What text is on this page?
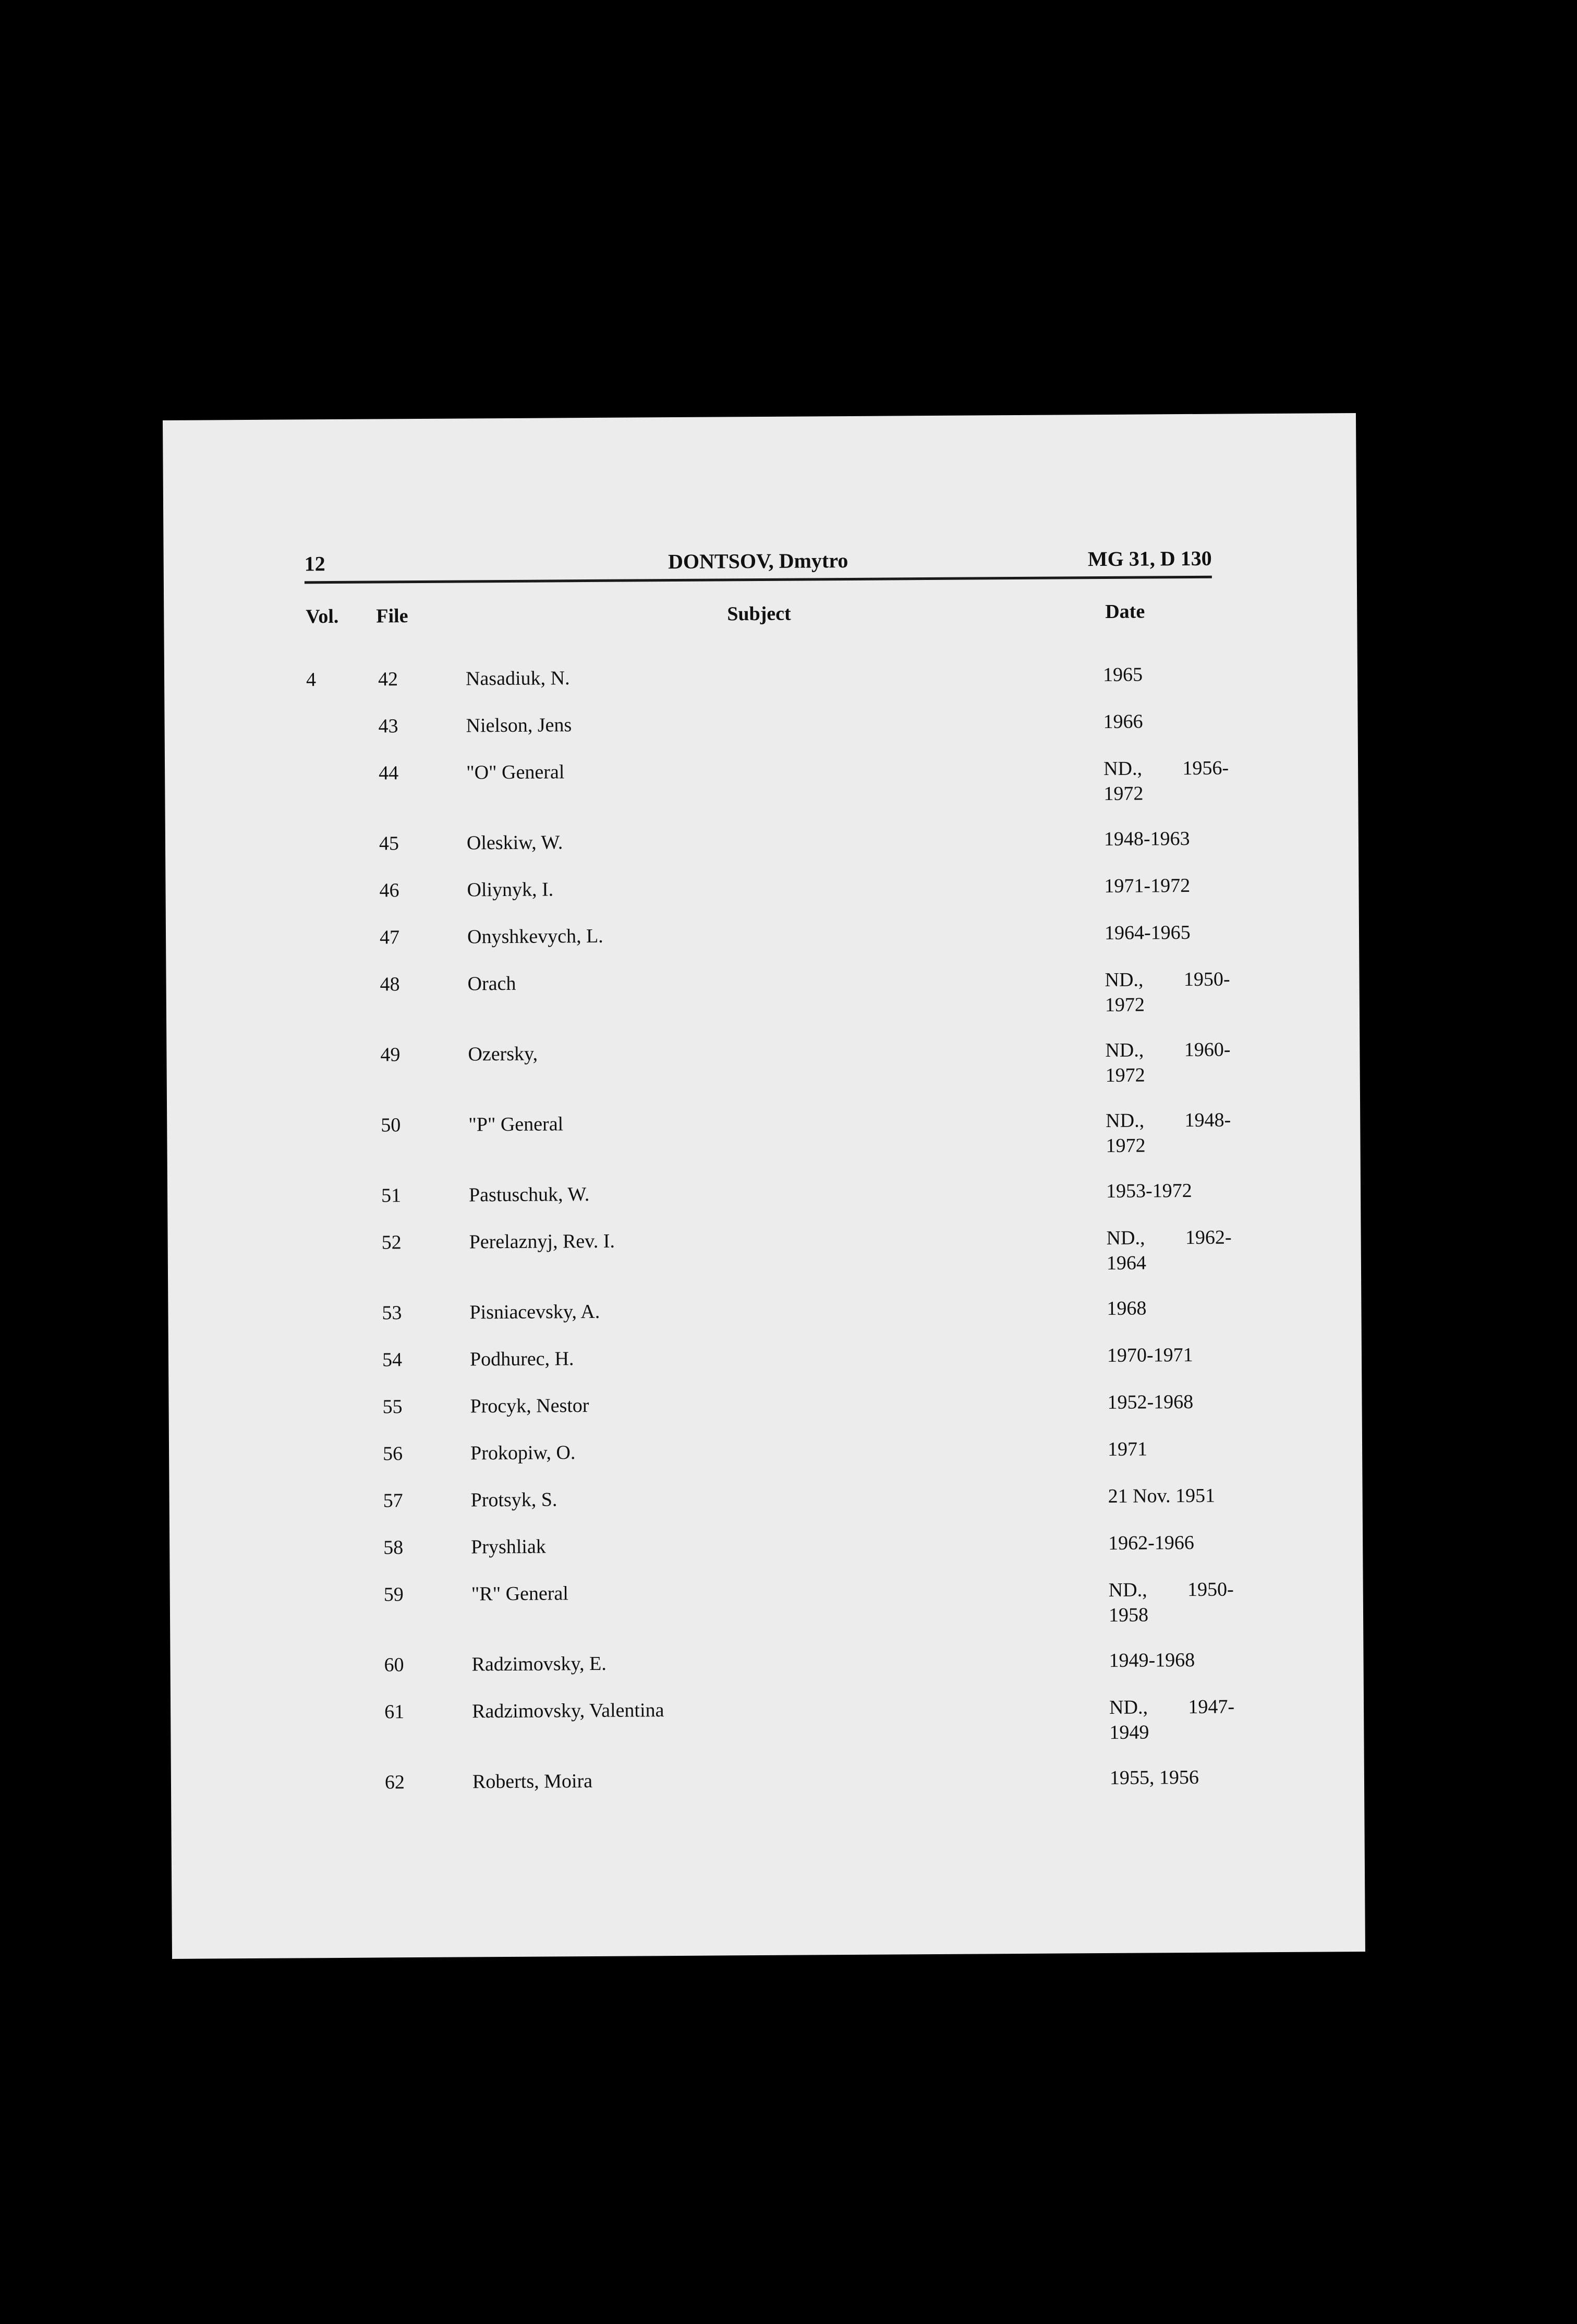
12	DONTSOV, Dmytro	MG 31, D 130
Vol. File	Subject	Date
4	42	Nasadiuk, N.	1965
43	Nielson, Jens	1966
44	"O" General	ND., 1956-1972
45	Oleskiw, W.	1948-1963
46	Oliynyk, I.	1971-1972
47	Onyshkevych, L.	1964-1965
48	Orach	ND., 1950-1972
49	Ozersky,	ND., 1960-1972
50	"P" General	ND., 1948-1972
51	Pastuschuk, W.	1953-1972
52	Perelaznyj, Rev. I.	ND., 1962-1964
53	Pisniacevsky, A.	1968
54	Podhurec, H.	1970-1971
55	Procyk, Nestor	1952-1968
56	Prokopiw, O.	1971
57	Protsyk, S.	21 Nov. 1951
58	Pryshliak	1962-1966
59	"R" General	ND., 1950-1958
60	Radzimovsky, E.	1949-1968
61	Radzimovsky, Valentina	ND., 1947-1949
62	Roberts, Moira	1955, 1956
